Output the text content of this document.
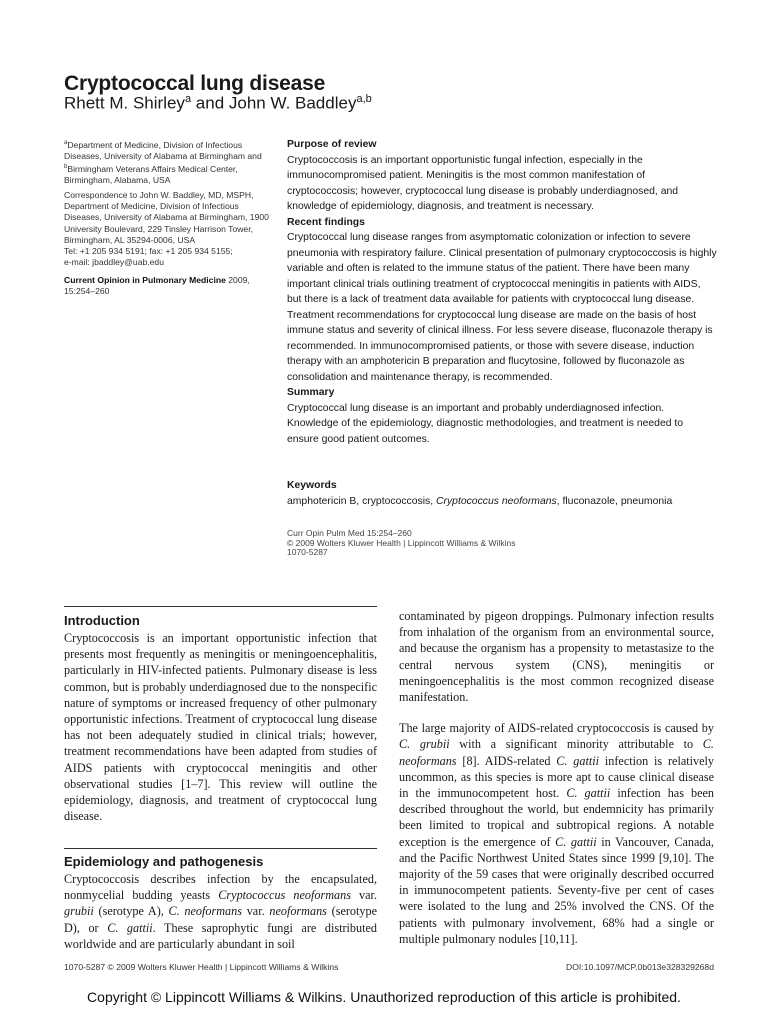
Cryptococcal lung disease
Rhett M. Shirley$^a$ and John W. Baddley$^{a,b}$
$^a$Department of Medicine, Division of Infectious Diseases, University of Alabama at Birmingham and
$^b$Birmingham Veterans Affairs Medical Center, Birmingham, Alabama, USA
Correspondence to John W. Baddley, MD, MSPH, Department of Medicine, Division of Infectious Diseases, University of Alabama at Birmingham, 1900 University Boulevard, 229 Tinsley Harrison Tower, Birmingham, AL 35294-0006, USA
Tel: +1 205 934 5191; fax: +1 205 934 5155;
e-mail: jbaddley@uab.edu
Current Opinion in Pulmonary Medicine 2009, 15:254–260
Purpose of review

Cryptococcosis is an important opportunistic fungal infection, especially in the immunocompromised patient. Meningitis is the most common manifestation of cryptococcosis; however, cryptococcal lung disease is probably underdiagnosed, and knowledge of epidemiology, diagnosis, and treatment is necessary.

Recent findings

Cryptococcal lung disease ranges from asymptomatic colonization or infection to severe pneumonia with respiratory failure. Clinical presentation of pulmonary cryptococcosis is highly variable and often is related to the immune status of the patient. There have been many important clinical trials outlining treatment of cryptococcal meningitis in patients with AIDS, but there is a lack of treatment data available for patients with cryptococcal lung disease. Treatment recommendations for cryptococcal lung disease are made on the basis of host immune status and severity of clinical illness. For less severe disease, fluconazole therapy is recommended. In immunocompromised patients, or those with severe disease, induction therapy with an amphotericin B preparation and flucytosine, followed by fluconazole as consolidation and maintenance therapy, is recommended.

Summary

Cryptococcal lung disease is an important and probably underdiagnosed infection. Knowledge of the epidemiology, diagnostic methodologies, and treatment is needed to ensure good patient outcomes.

Keywords
amphotericin B, cryptococcosis, Cryptococcus neoformans, fluconazole, pneumonia
Curr Opin Pulm Med 15:254–260
© 2009 Wolters Kluwer Health | Lippincott Williams & Wilkins
1070-5287
Introduction

Cryptococcosis is an important opportunistic infection that presents most frequently as meningitis or meningoencephalitis, particularly in HIV-infected patients. Pulmonary disease is less common, but is probably underdiagnosed due to the nonspecific nature of symptoms or increased frequency of other pulmonary opportunistic infections. Treatment of cryptococcal lung disease has not been adequately studied in clinical trials; however, treatment recommendations have been adapted from studies of AIDS patients with cryptococcal meningitis and other observational studies [1–7]. This review will outline the epidemiology, diagnosis, and treatment of cryptococcal lung disease.

Epidemiology and pathogenesis

Cryptococcosis describes infection by the encapsulated, nonmycelial budding yeasts Cryptococcus neoformans var. grubii (serotype A), C. neoformans var. neoformans (serotype D), or C. gattii. These saprophytic fungi are distributed worldwide and are particularly abundant in soil

contaminated by pigeon droppings. Pulmonary infection results from inhalation of the organism from an environmental source, and because the organism has a propensity to metastasize to the central nervous system (CNS), meningitis or meningoencephalitis is the most common recognized disease manifestation.

The large majority of AIDS-related cryptococcosis is caused by C. grubii with a significant minority attributable to C. neoformans [8]. AIDS-related C. gattii infection is relatively uncommon, as this species is more apt to cause clinical disease in the immunocompetent host. C. gattii infection has been described throughout the world, but endemnicity has primarily been limited to tropical and subtropical regions. A notable exception is the emergence of C. gattii in Vancouver, Canada, and the Pacific Northwest United States since 1999 [9,10]. The majority of the 59 cases that were originally described occurred in immunocompetent patients. Seventy-five per cent of cases were isolated to the lung and 25% involved the CNS. Of the patients with pulmonary involvement, 68% had a single or multiple pulmonary nodules [10,11].

1070-5287 © 2009 Wolters Kluwer Health | Lippincott Williams & Wilkins	DOI:10.1097/MCP.0b013e328329268d
Copyright © Lippincott Williams & Wilkins. Unauthorized reproduction of this article is prohibited.
